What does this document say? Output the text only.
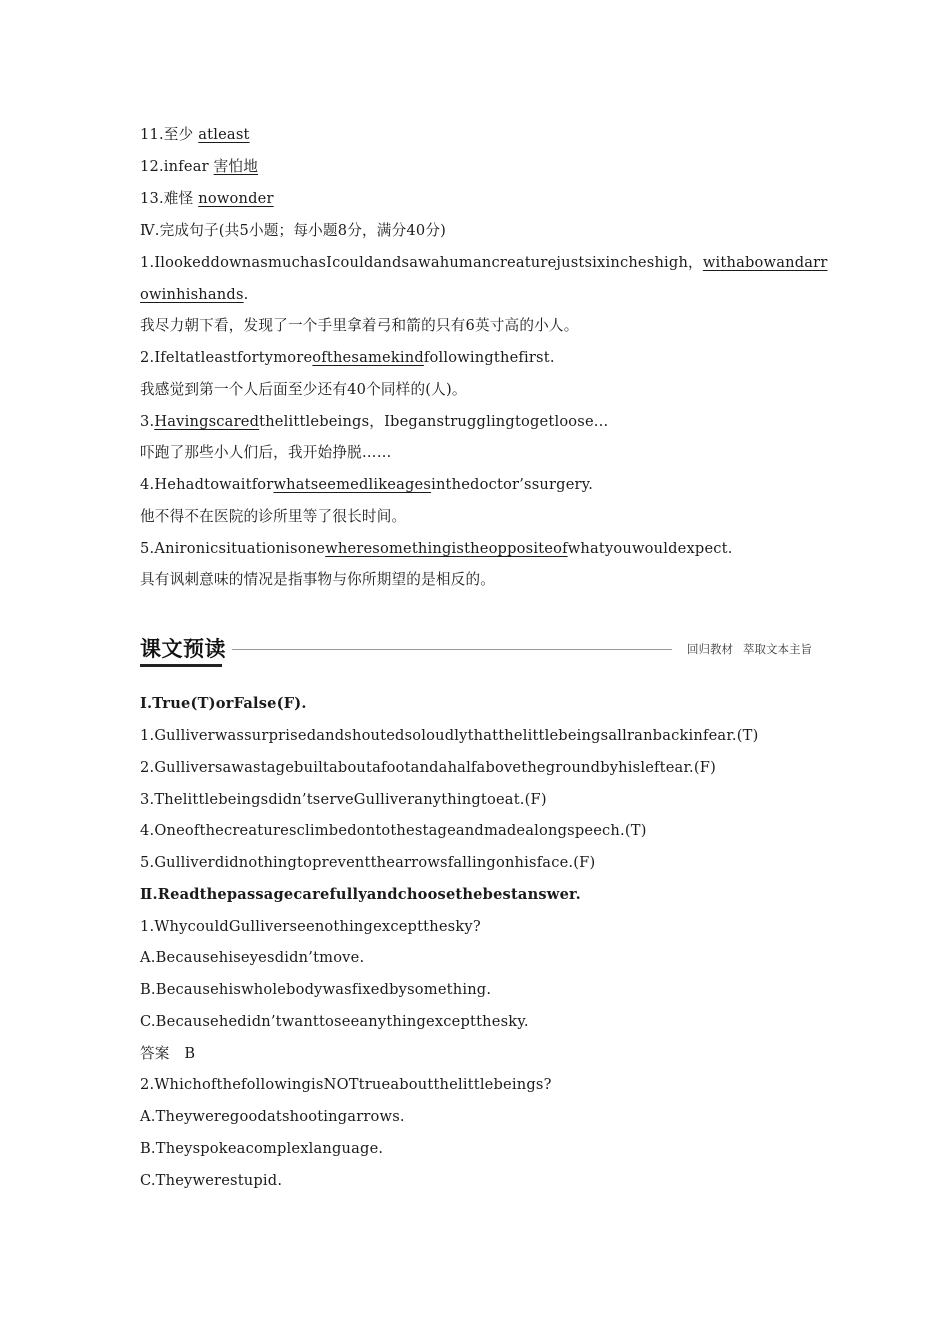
11.至少 atleast
12.infear 害怕地
13.难怪 nowonder
Ⅳ.完成句子(共5小题；每小题8分，满分40分)
1.IlookeddownasmuchasIcouldandsawahumancreaturejustsixincheshigh，withabowandarr
owinhishands.
我尽力朝下看，发现了一个手里拿着弓和箭的只有6英寸高的小人。
2.Ifeltatleastfortymoreofthesamekindfollowingthefirst.
我感觉到第一个人后面至少还有40个同样的(人)。
3.Havingscaredthelittlebeings，Ibeganstrugglingtogetloose...
吓跑了那些小人们后，我开始挣脱……
4.Hehadtowaitforwhatseemedlikeagesinthedoctor’ssurgery.
他不得不在医院的诊所里等了很长时间。
5.Anironicsituationisonewheresomethingistheoppositeofwhatyouwouldexpect.
具有讽刺意味的情况是指事物与你所期望的是相反的。
课文预读	回归教材 萃取文本主旨
Ⅰ.True(T)orFalse(F).
1.Gulliverwassurprisedandshoutedsoloudlythatthelittlebeingsallranbackinfear.(T)
2.Gulliversawastagebuiltaboutafootandahalfabovethegroundbyhisleftear.(F)
3.Thelittlebeingsdidn’tserveGulliveranythingtoeat.(F)
4.Oneofthecreaturesclimbedontothestageandmadealongspeech.(T)
5.Gulliverdidnothingtopreventthearrowsfallingonhisface.(F)
Ⅱ.Readthepassagecarefullyandchoosethebestanswer.
1.WhycouldGulliverseenothingexceptthesky?
A.Becausehiseyesdidn’tmove.
B.Becausehiswholebodywasfixedbysomething.
C.Becausehedidn’twanttoseeanythingexceptthesky.
答案　B
2.WhichofthefollowingisNOTtrueaboutthelittlebeings?
A.Theyweregoodatshootingarrows.
B.Theyspokeacomplexlanguage.
C.Theywerestupid.
